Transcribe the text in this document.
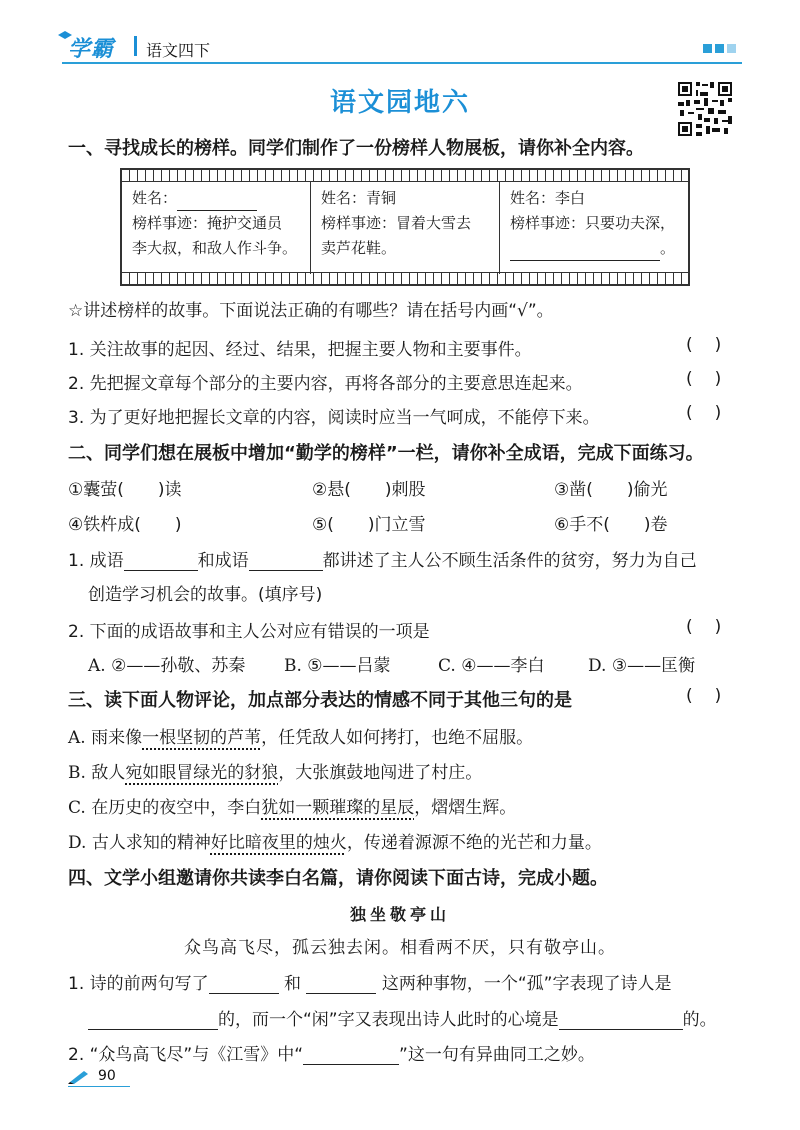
学霸 语文四下
语文园地六
一、寻找成长的榜样。同学们制作了一份榜样人物展板，请你补全内容。
姓名：
榜样事迹：掩护交通员
李大叔，和敌人作斗争。
姓名：青铜
榜样事迹：冒着大雪去
卖芦花鞋。
姓名：李白
榜样事迹：只要功夫深，
。
☆讲述榜样的故事。下面说法正确的有哪些？请在括号内画“√”。
1. 关注故事的起因、经过、结果，把握主要人物和主要事件。	()
2. 先把握文章每个部分的主要内容，再将各部分的主要意思连起来。	()
3. 为了更好地把握长文章的内容，阅读时应当一气呵成，不能停下来。	()
二、同学们想在展板中增加“勤学的榜样”一栏，请你补全成语，完成下面练习。
①囊萤(　　)读	②悬(　　)刺股	③凿(　　)偷光
④铁杵成(　　)	⑤(　　)门立雪	⑥手不(　　)卷
1. 成语	和成语	都讲述了主人公不顾生活条件的贫穷，努力为自己
创造学习机会的故事。(填序号)
2. 下面的成语故事和主人公对应有错误的一项是	()
A. ②——孙敬、苏秦 B. ⑤——吕蒙	C. ④——李白	D. ③——匡衡
三、读下面人物评论，加点部分表达的情感不同于其他三句的是	()
A. 雨来像一根坚韧的芦苇，任凭敌人如何拷打，也绝不屈服。
B. 敌人宛如眼冒绿光的豺狼，大张旗鼓地闯进了村庄。
C. 在历史的夜空中，李白犹如一颗璀璨的星辰，熠熠生辉。
D. 古人求知的精神好比暗夜里的烛火，传递着源源不绝的光芒和力量。
四、文学小组邀请你共读李白名篇，请你阅读下面古诗，完成小题。
独坐敬亭山
众鸟高飞尽，孤云独去闲。相看两不厌，只有敬亭山。
1. 诗的前两句写了	和	这两种事物，一个“孤”字表现了诗人是
的，而一个“闲”字又表现出诗人此时的心境是	的。
2. “众鸟高飞尽”与《江雪》中“	”这一句有异曲同工之妙。
90
